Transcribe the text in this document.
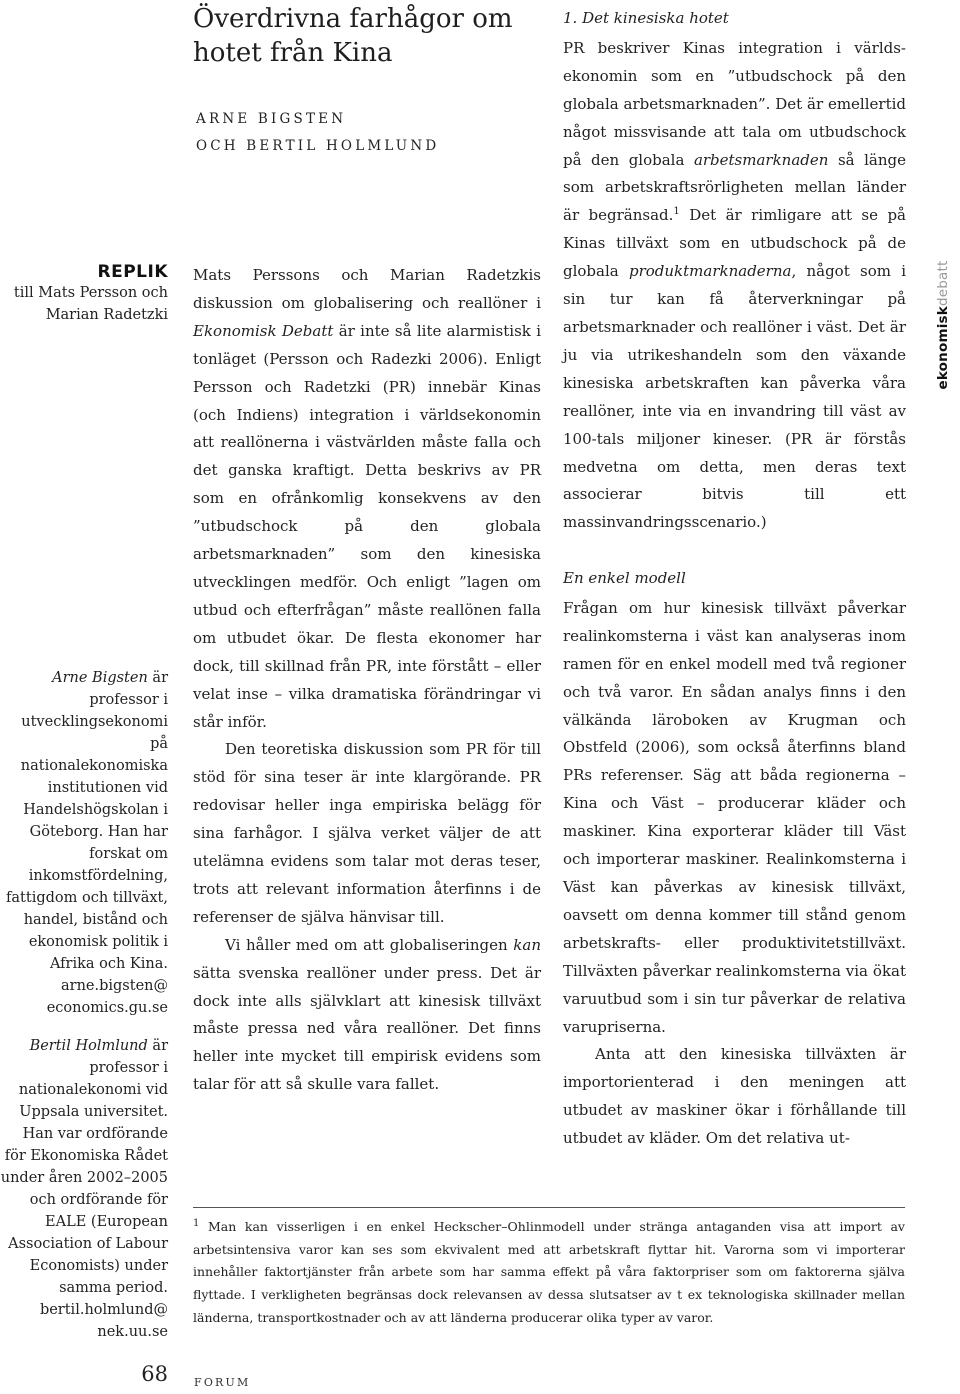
REPLIK

till Mats Persson och

Marian Radetzki

Arne Bigsten är professor i utvecklingsekonomi på nationalekonomiska institutionen vid Handelshögskolan i Göteborg. Han har forskat om inkomstfördelning, fattigdom och tillväxt, handel, bistånd och ekonomisk politik i Afrika och Kina. arne.bigsten@ economics.gu.se

Bertil Holmlund är professor i nationalekonomi vid Uppsala universitet. Han var ordförande för Ekonomiska Rådet under åren 2002–2005 och ordförande för EALE (European Association of Labour Economists) under samma period. bertil.holmlund@ nek.uu.se

Överdrivna farhågor om hotet från Kina
ARNE BIGSTEN
OCH BERTIL HOLMLUND

Mats Perssons och Marian Radetzkis diskussion om globalisering och reallöner i Ekonomisk Debatt är inte så lite alarmistisk i tonläget (Persson och Radezki 2006). Enligt Persson och Radetzki (PR) innebär Kinas (och Indiens) integration i världsekonomin att reallönerna i västvärlden måste falla och det ganska kraftigt. Detta beskrivs av PR som en ofrånkomlig konsekvens av den ”utbudschock på den globala arbetsmarknaden” som den kinesiska utvecklingen medför. Och enligt ”lagen om utbud och efterfrågan” måste reallönen falla om utbudet ökar. De flesta ekonomer har dock, till skillnad från PR, inte förstått – eller velat inse – vilka dramatiska förändringar vi står inför.

Den teoretiska diskussion som PR för till stöd för sina teser är inte klargörande. PR redovisar heller inga empiriska belägg för sina farhågor. I själva verket väljer de att utelämna evidens som talar mot deras teser, trots att relevant information återfinns i de referenser de själva hänvisar till.

Vi håller med om att globaliseringen kan sätta svenska reallöner under press. Det är dock inte alls självklart att kinesisk tillväxt måste pressa ned våra reallöner. Det finns heller inte mycket till empirisk evidens som talar för att så skulle vara fallet.

1. Det kinesiska hotet

PR beskriver Kinas integration i världsekonomin som en ”utbudschock på den globala arbetsmarknaden”. Det är emellertid något missvisande att tala om utbudschock på den globala arbetsmarknaden så länge som arbetskraftsrörligheten mellan länder är begränsad.$^1$ Det är rimligare att se på Kinas tillväxt som en utbudschock på de globala produktmarknaderna, något som i sin tur kan få återverkningar på arbetsmarknader och reallöner i väst. Det är ju via utrikeshandeln som den växande kinesiska arbetskraften kan påverka våra reallöner, inte via en invandring till väst av 100-tals miljoner kineser. (PR är förstås medvetna om detta, men deras text associerar bitvis till ett massinvandringsscenario.)

En enkel modell

Frågan om hur kinesisk tillväxt påverkar realinkomsterna i väst kan analyseras inom ramen för en enkel modell med två regioner och två varor. En sådan analys finns i den välkända läroboken av Krugman och Obstfeld (2006), som också återfinns bland PRs referenser. Säg att båda regionerna – Kina och Väst – producerar kläder och maskiner. Kina exporterar kläder till Väst och importerar maskiner. Realinkomsterna i Väst kan påverkas av kinesisk tillväxt, oavsett om denna kommer till stånd genom arbetskrafts- eller produktivitetstillväxt. Tillväxten påverkar realinkomsterna via ökat varuutbud som i sin tur påverkar de relativa varupriserna.

Anta att den kinesiska tillväxten är importorienterad i den meningen att utbudet av maskiner ökar i förhållande till utbudet av kläder. Om det relativa ut-

ekonomiskdebatt

$^1$ Man kan visserligen i en enkel Heckscher–Ohlinmodell under stränga antaganden visa att import av arbetsintensiva varor kan ses som ekvivalent med att arbetskraft flyttar hit. Varorna som vi importerar innehåller faktortjänster från arbete som har samma effekt på våra faktorpriser som om faktorerna själva flyttade. I verkligheten begränsas dock relevansen av dessa slutsatser av t ex teknologiska skillnader mellan länderna, transportkostnader och av att länderna producerar olika typer av varor.

68 FORUM
